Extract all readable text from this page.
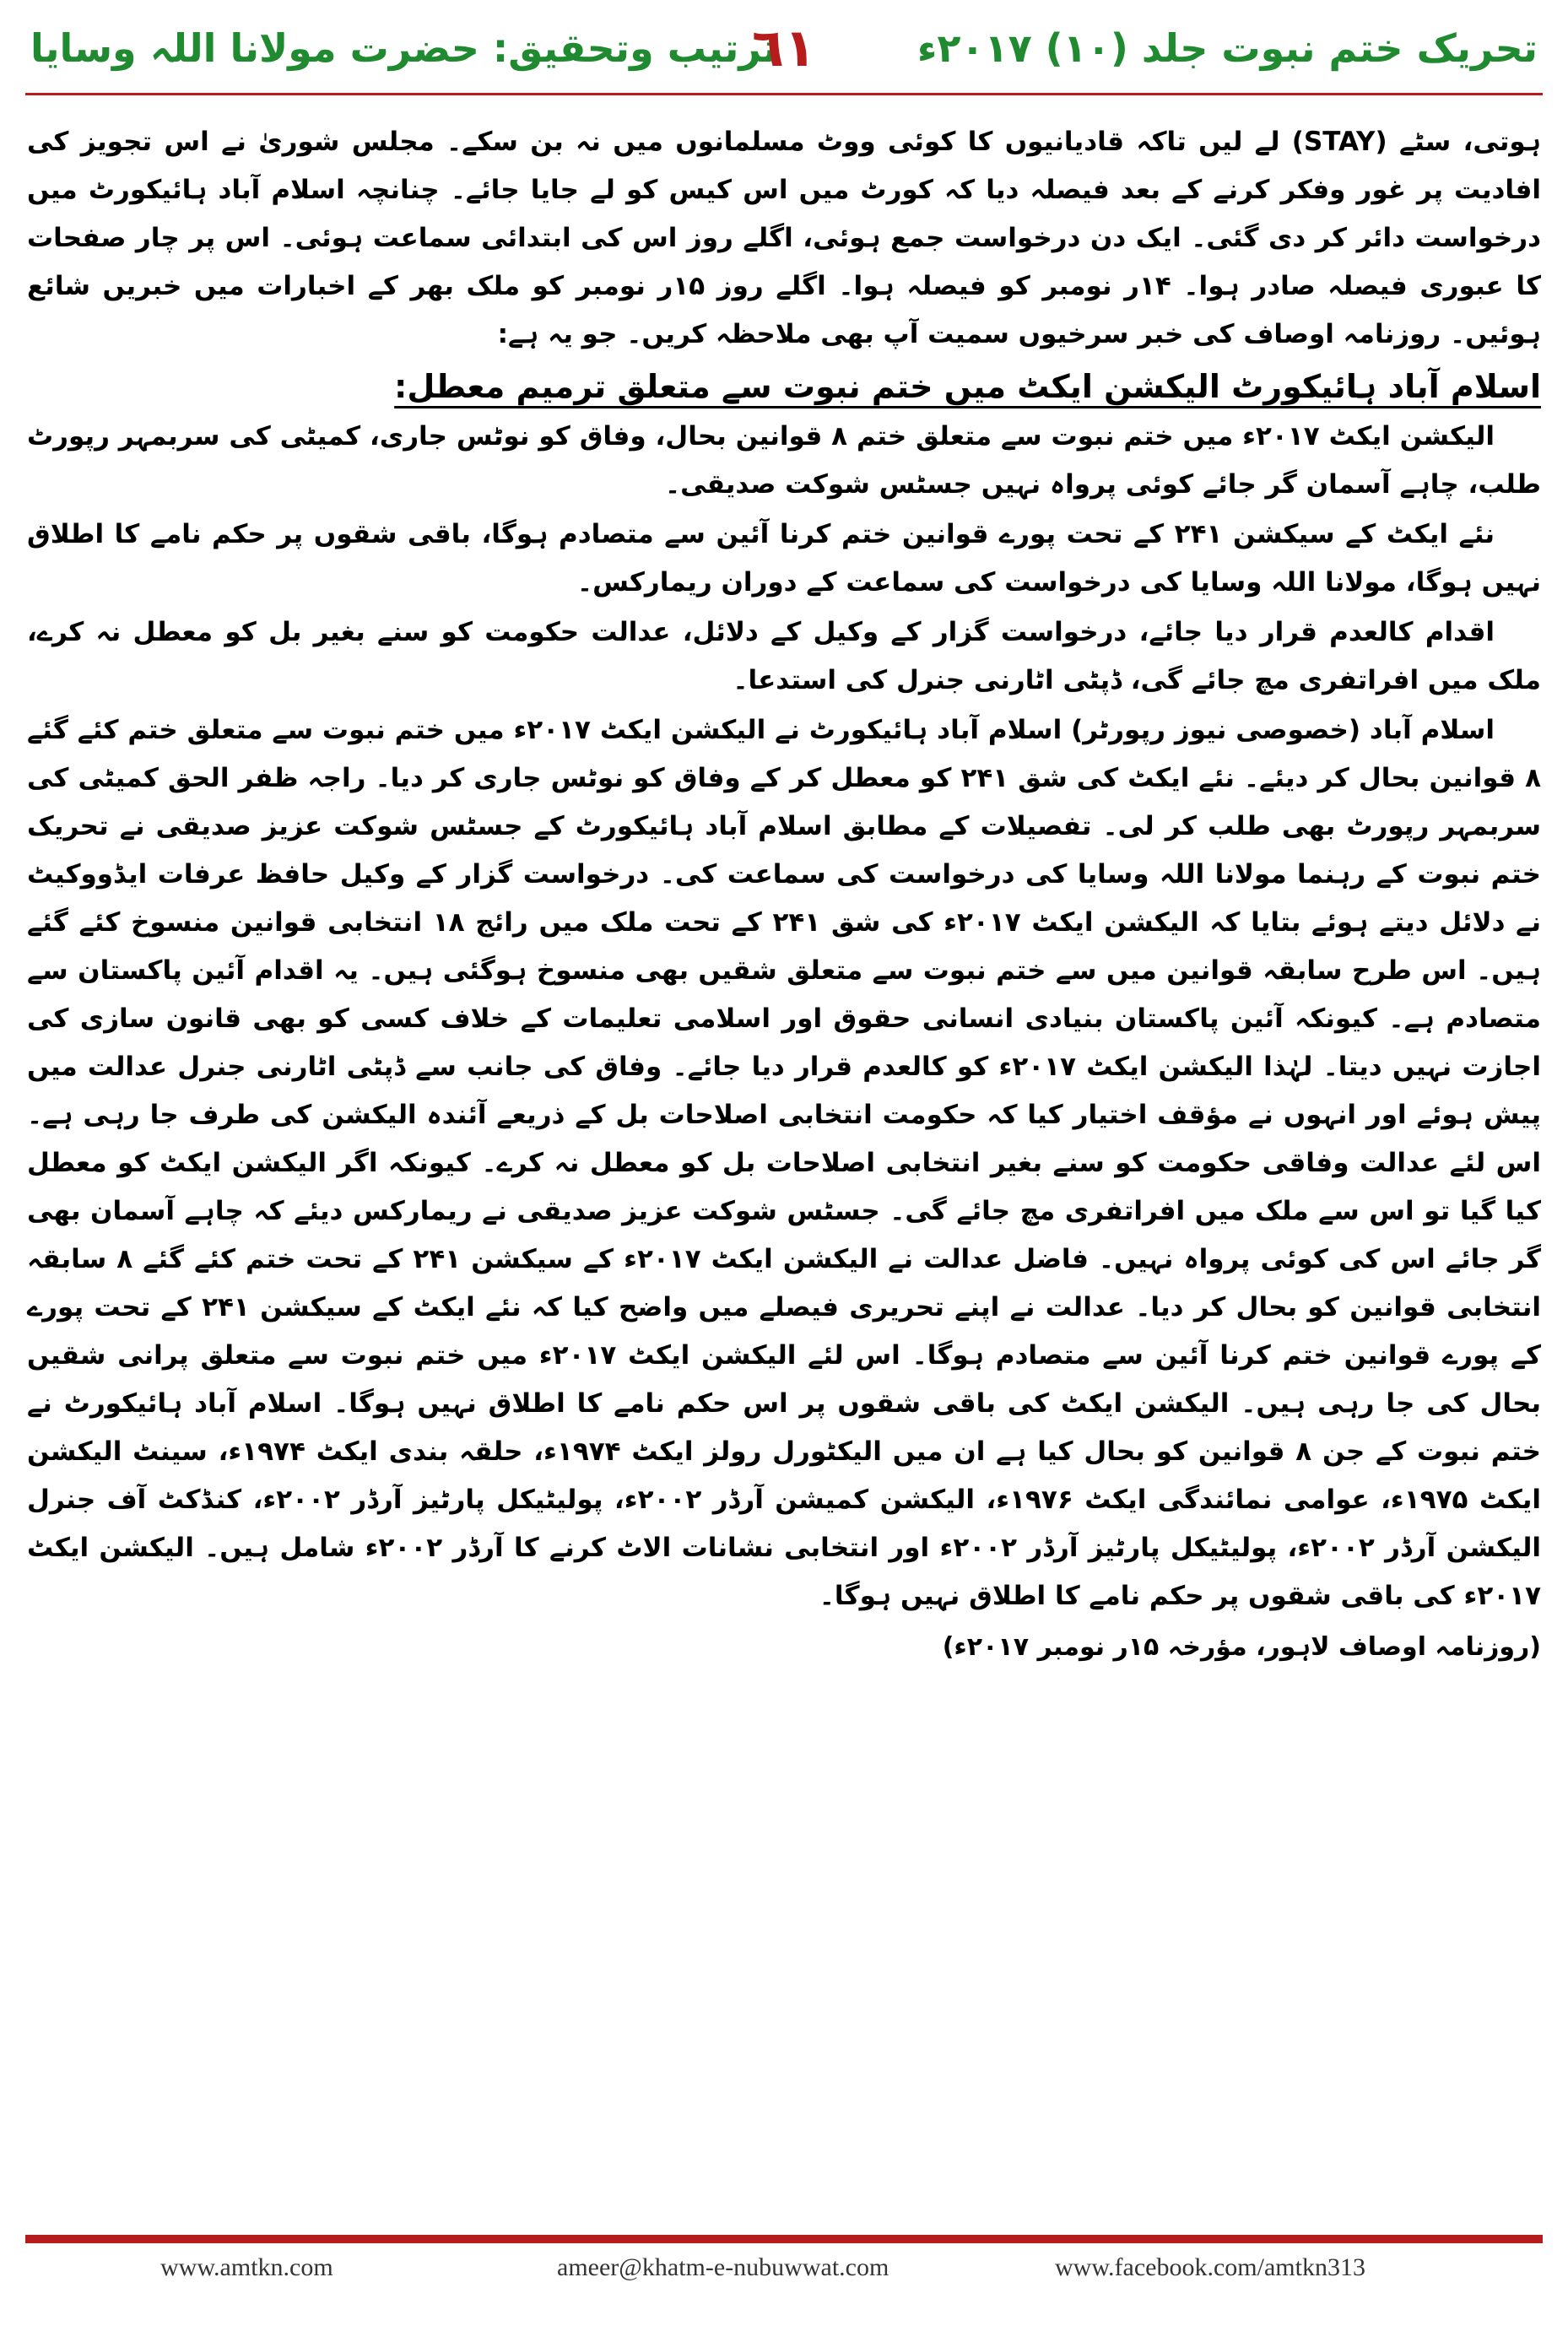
ترتیب وتحقیق: حضرت مولانا اللہ وسایا
٦١	تحریک ختم نبوت جلد (۱۰) ۲۰۱۷ء

ہوتی، سٹے (STAY) لے لیں تاکہ قادیانیوں کا کوئی ووٹ مسلمانوں میں نہ بن سکے۔ مجلس شوریٰ نے اس تجویز کی افادیت پر غور وفکر کرنے کے بعد فیصلہ دیا کہ کورٹ میں اس کیس کو لے جایا جائے۔ چنانچہ اسلام آباد ہائیکورٹ میں درخواست دائر کر دی گئی۔ ایک دن درخواست جمع ہوئی، اگلے روز اس کی ابتدائی سماعت ہوئی۔ اس پر چار صفحات کا عبوری فیصلہ صادر ہوا۔ ۱۴ر نومبر کو فیصلہ ہوا۔ اگلے روز ۱۵ر نومبر کو ملک بھر کے اخبارات میں خبریں شائع ہوئیں۔ روزنامہ اوصاف کی خبر سرخیوں سمیت آپ بھی ملاحظہ کریں۔ جو یہ ہے:

اسلام آباد ہائیکورٹ الیکشن ایکٹ میں ختم نبوت سے متعلق ترمیم معطل:

الیکشن ایکٹ ۲۰۱۷ء میں ختم نبوت سے متعلق ختم ۸ قوانین بحال، وفاق کو نوٹس جاری، کمیٹی کی سربمہر رپورٹ طلب، چاہے آسمان گر جائے کوئی پرواہ نہیں جسٹس شوکت صدیقی۔

نئے ایکٹ کے سیکشن ۲۴۱ کے تحت پورے قوانین ختم کرنا آئین سے متصادم ہوگا، باقی شقوں پر حکم نامے کا اطلاق نہیں ہوگا، مولانا اللہ وسایا کی درخواست کی سماعت کے دوران ریمارکس۔

اقدام کالعدم قرار دیا جائے، درخواست گزار کے وکیل کے دلائل، عدالت حکومت کو سنے بغیر بل کو معطل نہ کرے، ملک میں افراتفری مچ جائے گی، ڈپٹی اٹارنی جنرل کی استدعا۔

اسلام آباد (خصوصی نیوز رپورٹر) اسلام آباد ہائیکورٹ نے الیکشن ایکٹ ۲۰۱۷ء میں ختم نبوت سے متعلق ختم کئے گئے ۸ قوانین بحال کر دیئے۔ نئے ایکٹ کی شق ۲۴۱ کو معطل کر کے وفاق کو نوٹس جاری کر دیا۔ راجہ ظفر الحق کمیٹی کی سربمہر رپورٹ بھی طلب کر لی۔ تفصیلات کے مطابق اسلام آباد ہائیکورٹ کے جسٹس شوکت عزیز صدیقی نے تحریک ختم نبوت کے رہنما مولانا اللہ وسایا کی درخواست کی سماعت کی۔ درخواست گزار کے وکیل حافظ عرفات ایڈووکیٹ نے دلائل دیتے ہوئے بتایا کہ الیکشن ایکٹ ۲۰۱۷ء کی شق ۲۴۱ کے تحت ملک میں رائج ۱۸ انتخابی قوانین منسوخ کئے گئے ہیں۔ اس طرح سابقہ قوانین میں سے ختم نبوت سے متعلق شقیں بھی منسوخ ہوگئی ہیں۔ یہ اقدام آئین پاکستان سے متصادم ہے۔ کیونکہ آئین پاکستان بنیادی انسانی حقوق اور اسلامی تعلیمات کے خلاف کسی کو بھی قانون سازی کی اجازت نہیں دیتا۔ لہٰذا الیکشن ایکٹ ۲۰۱۷ء کو کالعدم قرار دیا جائے۔ وفاق کی جانب سے ڈپٹی اٹارنی جنرل عدالت میں پیش ہوئے اور انہوں نے مؤقف اختیار کیا کہ حکومت انتخابی اصلاحات بل کے ذریعے آئندہ الیکشن کی طرف جا رہی ہے۔ اس لئے عدالت وفاقی حکومت کو سنے بغیر انتخابی اصلاحات بل کو معطل نہ کرے۔ کیونکہ اگر الیکشن ایکٹ کو معطل کیا گیا تو اس سے ملک میں افراتفری مچ جائے گی۔ جسٹس شوکت عزیز صدیقی نے ریمارکس دیئے کہ چاہے آسمان بھی گر جائے اس کی کوئی پرواہ نہیں۔ فاضل عدالت نے الیکشن ایکٹ ۲۰۱۷ء کے سیکشن ۲۴۱ کے تحت ختم کئے گئے ۸ سابقہ انتخابی قوانین کو بحال کر دیا۔ عدالت نے اپنے تحریری فیصلے میں واضح کیا کہ نئے ایکٹ کے سیکشن ۲۴۱ کے تحت پورے کے پورے قوانین ختم کرنا آئین سے متصادم ہوگا۔ اس لئے الیکشن ایکٹ ۲۰۱۷ء میں ختم نبوت سے متعلق پرانی شقیں بحال کی جا رہی ہیں۔ الیکشن ایکٹ کی باقی شقوں پر اس حکم نامے کا اطلاق نہیں ہوگا۔ اسلام آباد ہائیکورٹ نے ختم نبوت کے جن ۸ قوانین کو بحال کیا ہے ان میں الیکٹورل رولز ایکٹ ۱۹۷۴ء، حلقہ بندی ایکٹ ۱۹۷۴ء، سینٹ الیکشن ایکٹ ۱۹۷۵ء، عوامی نمائندگی ایکٹ ۱۹۷۶ء، الیکشن کمیشن آرڈر ۲۰۰۲ء، پولیٹیکل پارٹیز آرڈر ۲۰۰۲ء، کنڈکٹ آف جنرل الیکشن آرڈر ۲۰۰۲ء، پولیٹیکل پارٹیز آرڈر ۲۰۰۲ء اور انتخابی نشانات الاٹ کرنے کا آرڈر ۲۰۰۲ء شامل ہیں۔ الیکشن ایکٹ ۲۰۱۷ء کی باقی شقوں پر حکم نامے کا اطلاق نہیں ہوگا۔

(روزنامہ اوصاف لاہور، مؤرخہ ۱۵ر نومبر ۲۰۱۷ء)

www.amtkn.com	ameer@khatm-e-nubuwwat.com	www.facebook.com/amtkn313
